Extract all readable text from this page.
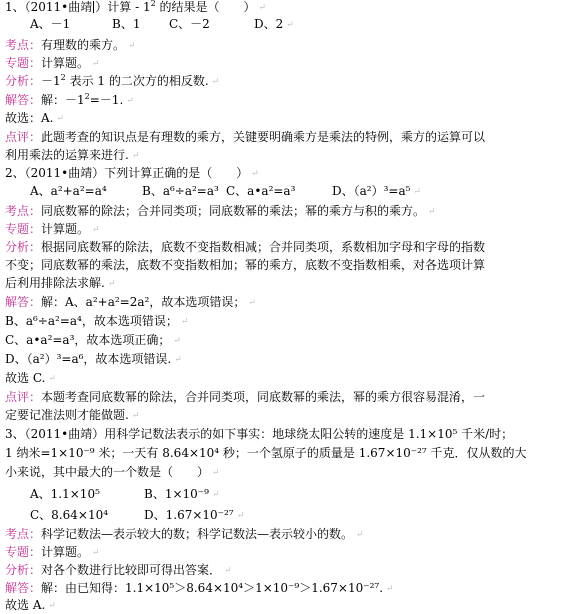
1、（2011•曲靖 ）计算 - $1^2$ 的结果是（　　） ↵
A、－1	B、1 C、－2	D、2 ↵
考点：有理数的乘方。 ↵
专题：计算题。 ↵
分析：$-1^2$ 表示 1 的二次方的相反数. ↵
解答：解：$-1^2=-1$. ↵
故选：A. ↵
点评：此题考查的知识点是有理数的乘方，关键要明确乘方是乘法的特例，乘方的运算可以
利用乘法的运算来进行. ↵
2、（2011•曲靖）下列计算正确的是（　　） ↵
A、a²+a²=a⁴	B、a⁶÷a²=a³ C、a•a²=a³	D、（a²）³=a⁵ ↵
考点：同底数幂的除法；合并同类项；同底数幂的乘法；幂的乘方与积的乘方。 ↵
专题：计算题。 ↵
分析：根据同底数幂的除法，底数不变指数相减；合并同类项，系数相加字母和字母的指数
不变；同底数幂的乘法，底数不变指数相加；幂的乘方，底数不变指数相乘，对各选项计算
后利用排除法求解. ↵
解答：解：A、a²+a²=2a²，故本选项错误； ↵
B、a⁶÷a²=a⁴，故本选项错误； ↵
C、a•a²=a³，故本选项正确； ↵
D、（a²）³=a⁶，故本选项错误. ↵
故选 C. ↵
点评：本题考查同底数幂的除法，合并同类项，同底数幂的乘法，幂的乘方很容易混淆，一
定要记准法则才能做题. ↵
3、（2011•曲靖）用科学记数法表示的如下事实：地球绕太阳公转的速度是 1.1×10⁵ 千米/时；
1 纳米=1×10⁻⁹ 米；一天有 8.64×10⁴ 秒；一个氢原子的质量是 1.67×10⁻²⁷ 千克．仅从数的大
小来说，其中最大的一个数是（　　） ↵
A、1.1×10⁵	B、1×10⁻⁹ ↵
C、8.64×10⁴	D、1.67×10⁻²⁷ ↵
考点：科学记数法—表示较大的数；科学记数法—表示较小的数。 ↵
专题：计算题。 ↵
分析：对各个数进行比较即可得出答案． ↵
解答：解：由已知得：1.1×10⁵＞8.64×10⁴＞1×10⁻⁹＞1.67×10⁻²⁷. ↵
故选 A. ↵
